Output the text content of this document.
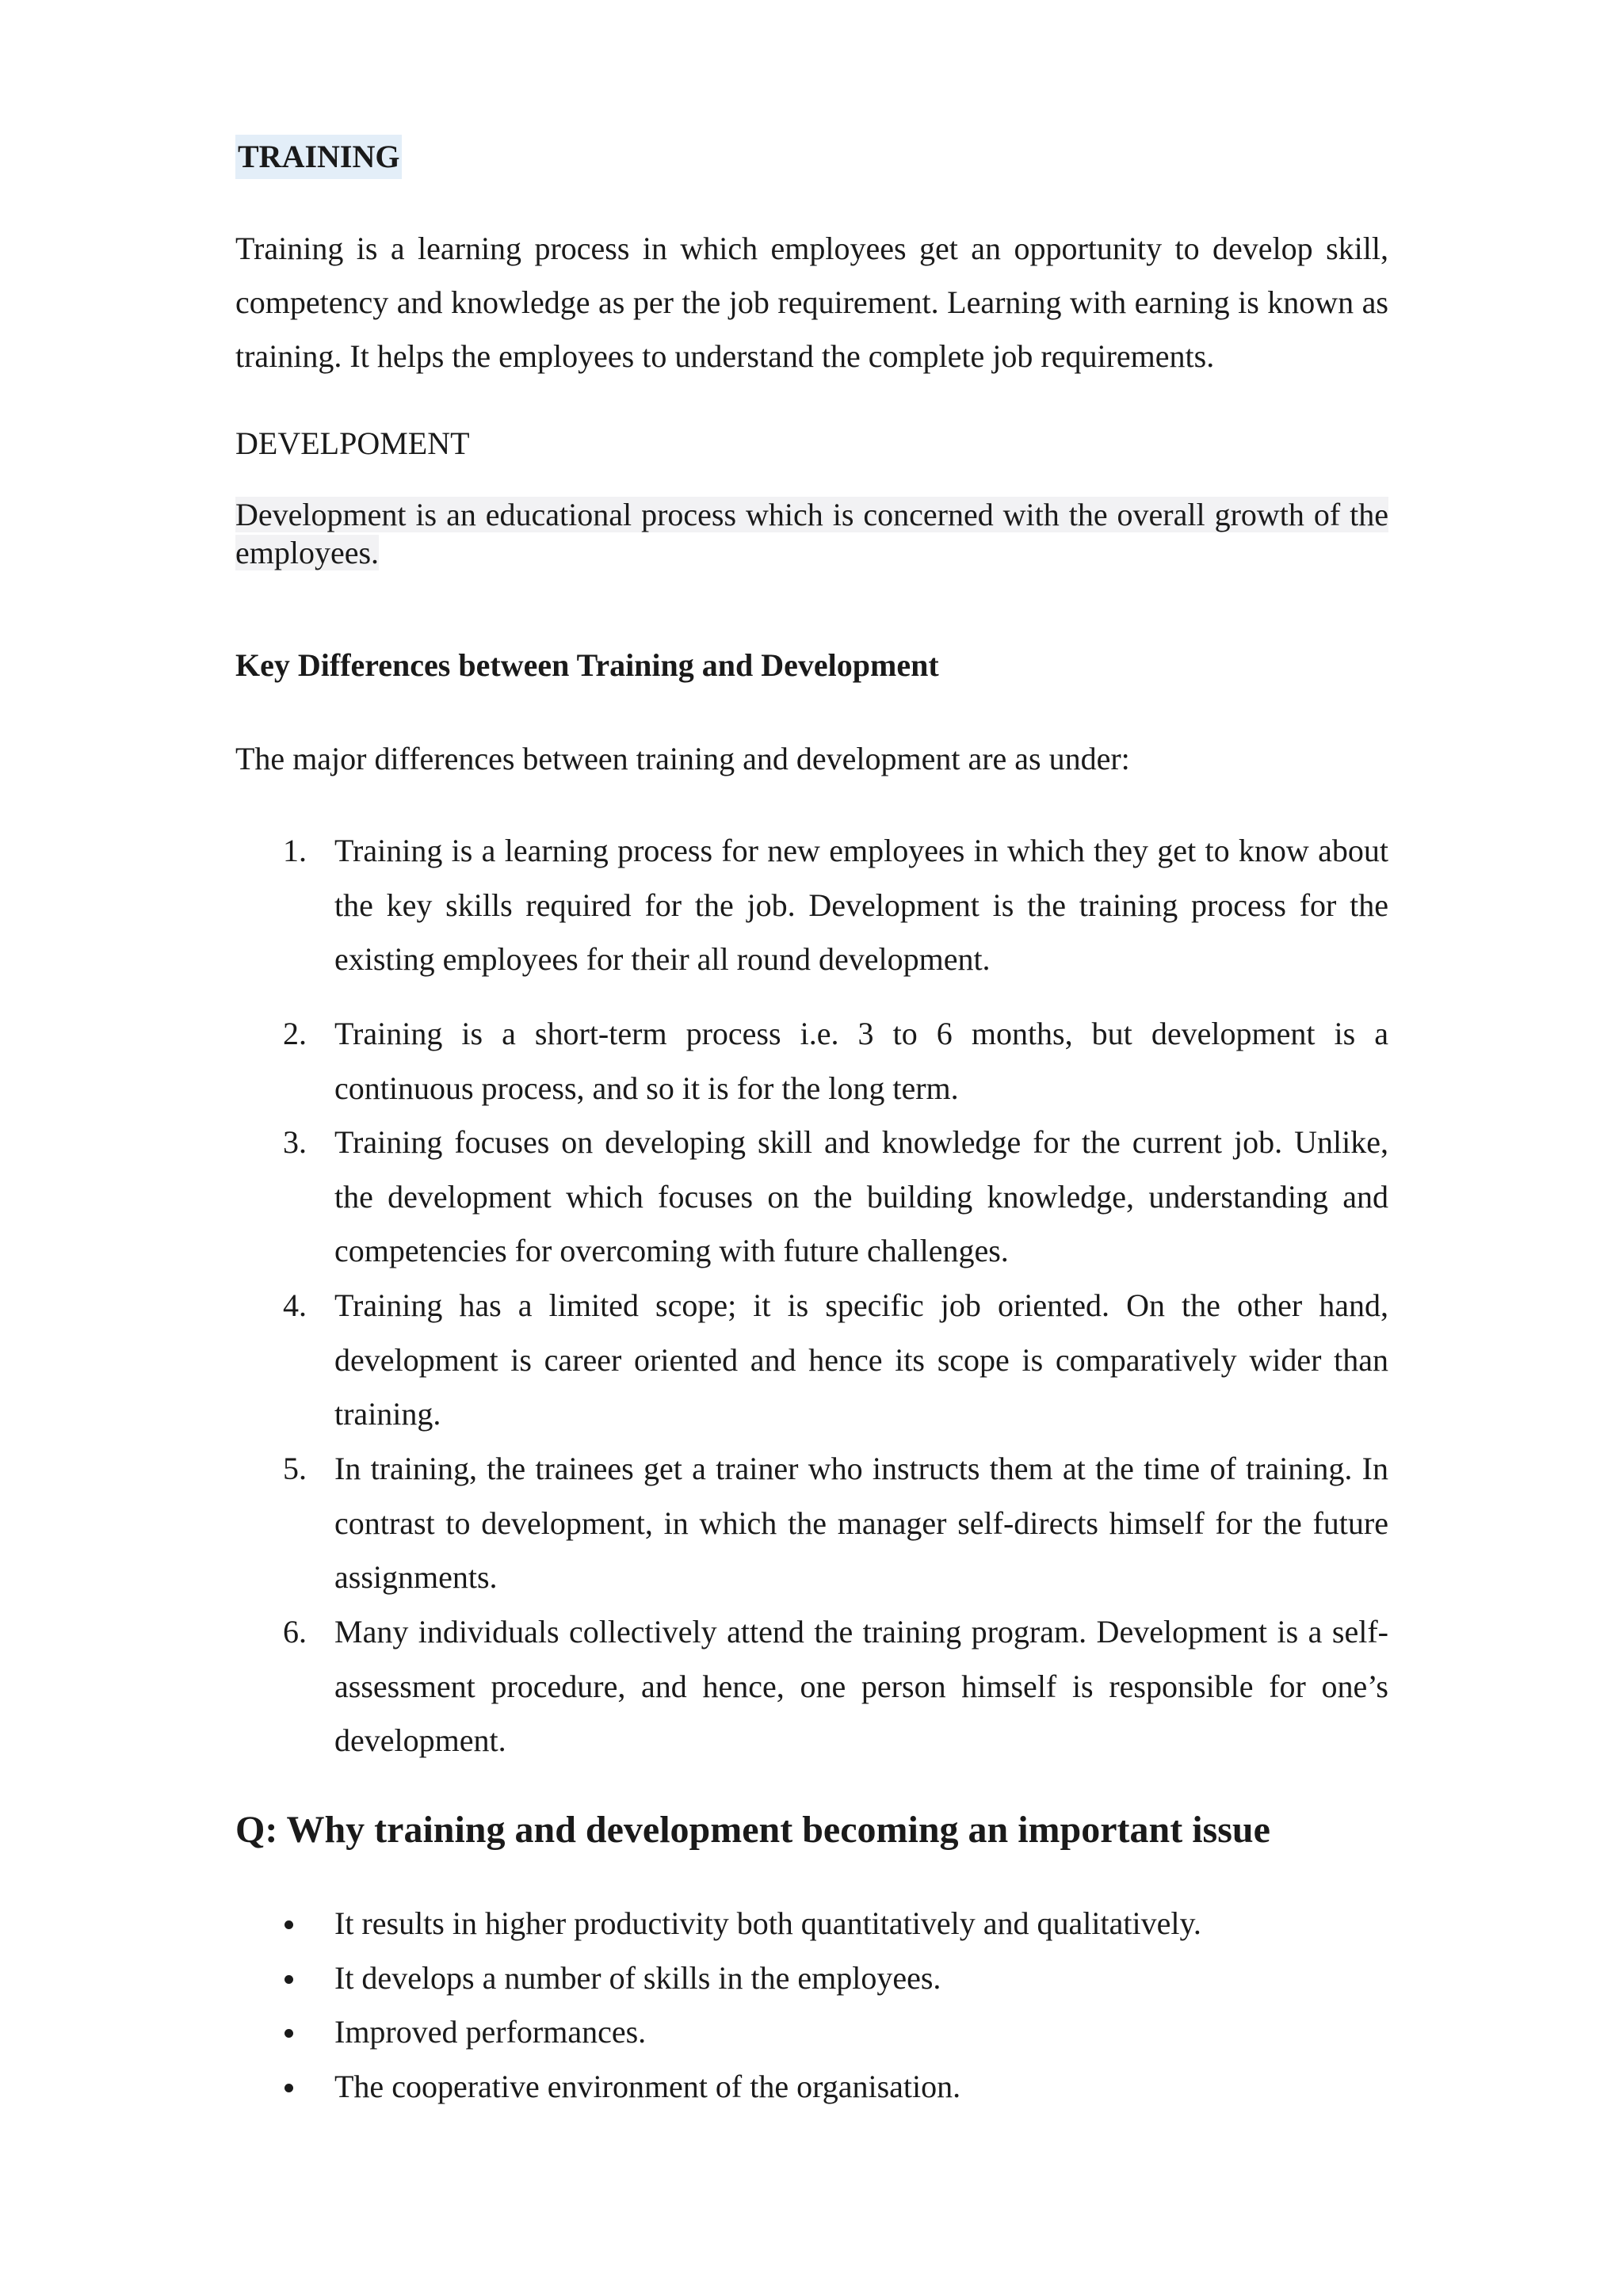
TRAINING

Training is a learning process in which employees get an opportunity to develop skill, competency and knowledge as per the job requirement. Learning with earning is known as training. It helps the employees to understand the complete job requirements.

DEVELPOMENT

Development is an educational process which is concerned with the overall growth of the employees.

Key Differences between Training and Development

The major differences between training and development are as under:

1. Training is a learning process for new employees in which they get to know about the key skills required for the job. Development is the training process for the existing employees for their all round development.
2. Training is a short-term process i.e. 3 to 6 months, but development is a continuous process, and so it is for the long term.
3. Training focuses on developing skill and knowledge for the current job. Unlike, the development which focuses on the building knowledge, understanding and competencies for overcoming with future challenges.
4. Training has a limited scope; it is specific job oriented. On the other hand, development is career oriented and hence its scope is comparatively wider than training.
5. In training, the trainees get a trainer who instructs them at the time of training. In contrast to development, in which the manager self-directs himself for the future assignments.
6. Many individuals collectively attend the training program. Development is a self-assessment procedure, and hence, one person himself is responsible for one’s development.
Q: Why training and development becoming an important issue
It results in higher productivity both quantitatively and qualitatively.
It develops a number of skills in the employees.
Improved performances.
The cooperative environment of the organisation.
